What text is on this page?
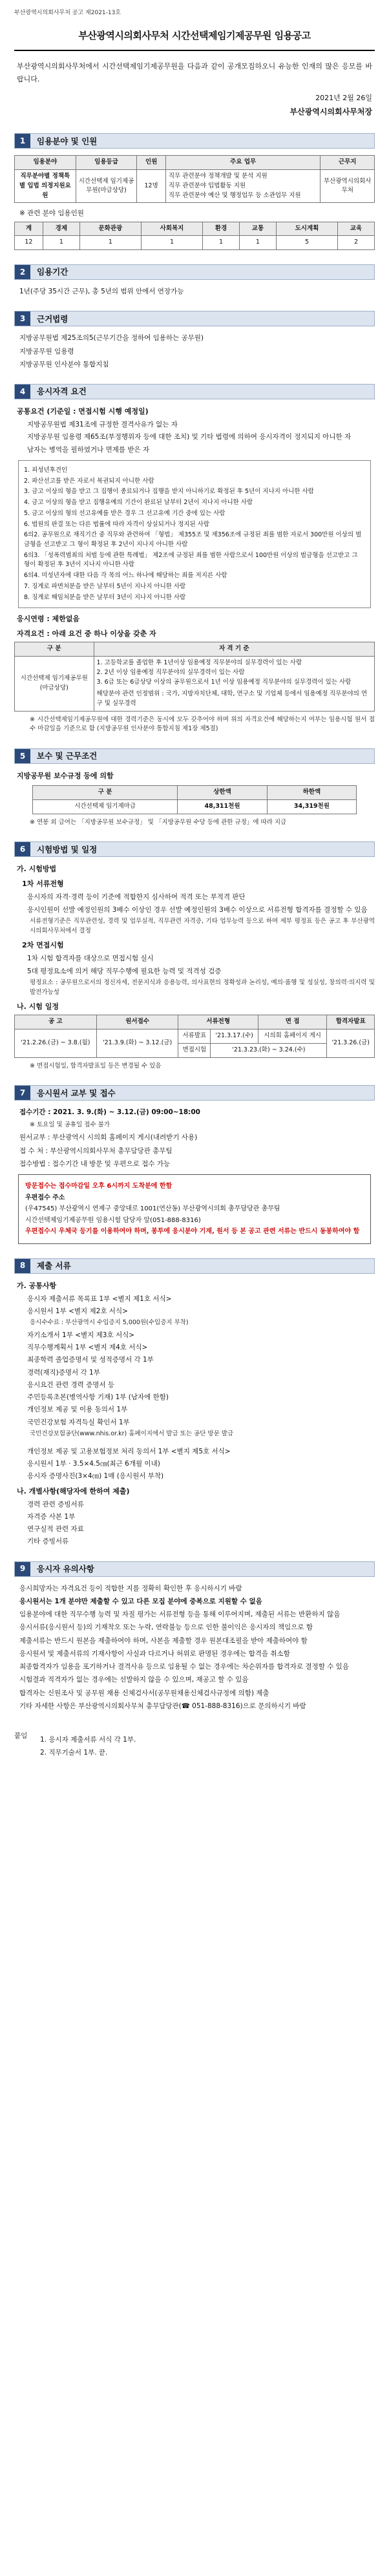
부산광역시의회사무처 공고 제2021-13호
부산광역시의회사무처 시간선택제임기제공무원 임용공고
부산광역시의회사무처에서 시간선택제임기제공무원을 다음과 같이 공개모집하오니 유능한 인재의 많은 응모를 바랍니다.
2021년 2월 26일
부산광역시의회사무처장
1	임용분야 및 인원
임용분야	임용등급	인원	주요 업무	근무지
직무분야별 정책특별 입법 의정지원요원	시간선택제 임기제공무원(마급상당)	12명	직무 관련분야 정책개발 및 분석 지원
직무 관련분야 입법활동 지원
직무 관련분야 예산 및 행정업무 등 소관업무 지원	부산광역시의회사무처
※ 관련 분야 임용인원
계	경제	문화관광	사회복지	환경	교통	도시계획	교육
12	1	1	1	1	1	5	2
2	임용기간
1년(주당 35시간 근무), 총 5년의 범위 안에서 연장가능
3	근거법령
지방공무원법 제25조의5(근무기간을 정하여 임용하는 공무원)
지방공무원 임용령
지방공무원 인사분야 통합지침
4	응시자격 요건
공통요건 (기준일 : 면접시험 시행 예정일)
지방공무원법 제31조에 규정한 결격사유가 없는 자
지방공무원 임용령 제65조(부정행위자 등에 대한 조치) 및 기타 법령에 의하여 응시자격이 정지되지 아니한 자
남자는 병역을 필하였거나 면제를 받은 자
1. 피성년후견인
2. 파산선고를 받은 자로서 복권되지 아니한 사람
3. 금고 이상의 형을 받고 그 집행이 종료되거나 집행을 받지 아니하기로 확정된 후 5년이 지나지 아니한 사람
4. 금고 이상의 형을 받고 집행유예의 기간이 완료된 날부터 2년이 지나지 아니한 사람
5. 금고 이상의 형의 선고유예를 받은 경우 그 선고유예 기간 중에 있는 사람
6. 법원의 판결 또는 다른 법률에 따라 자격이 상실되거나 정지된 사람
6의2. 공무원으로 재직기간 중 직무와 관련하여 「형법」 제355조 및 제356조에 규정된 죄를 범한 자로서 300만원 이상의 벌금형을 선고받고 그 형이 확정된 후 2년이 지나지 아니한 사람
6의3. 「성폭력범죄의 처벌 등에 관한 특례법」 제2조에 규정된 죄를 범한 사람으로서 100만원 이상의 벌금형을 선고받고 그 형이 확정된 후 3년이 지나지 아니한 사람
6의4. 미성년자에 대한 다음 각 목의 어느 하나에 해당하는 죄를 저지른 사람
7. 징계로 파면처분을 받은 날부터 5년이 지나지 아니한 사람
8. 징계로 해임처분을 받은 날부터 3년이 지나지 아니한 사람
응시연령 : 제한없음
자격요건 : 아래 요건 중 하나 이상을 갖춘 자
구 분	자 격 기 준
시간선택제 임기제공무원(마급상당)	1. 고등학교를 졸업한 후 1년이상 임용예정 직무분야의 실무경력이 있는 사람
2. 2년 이상 임용예정 직무분야의 실무경력이 있는 사람
3. 6급 또는 6급상당 이상의 공무원으로서 1년 이상 임용예정 직무분야의 실무경력이 있는 사람
해당분야 관련 인정범위 : 국가, 지방자치단체, 대학, 연구소 및 기업체 등에서 임용예정 직무분야의 연구 및 실무경력
※ 시간선택제임기제공무원에 대한 경력기준은 동시에 모두 갖추어야 하며 위의 자격요건에 해당하는지 여부는 임용시험 원서 접수 마감일을 기준으로 함 (지방공무원 인사분야 통합지침 제1장 제5절)
5	보수 및 근무조건
지방공무원 보수규정 등에 의함
구 분	상한액	하한액
시간선택제 임기제마급	48,311천원	34,319천원
※ 연봉 외 급여는 「지방공무원 보수규정」 및 「지방공무원 수당 등에 관한 규정」에 따라 지급
6	시험방법 및 일정
가. 시험방법
1차 서류전형
응시자의 자격·경력 등이 기준에 적합한지 심사하여 적격 또는 부적격 판단
응시인원이 선발 예정인원의 3배수 이상인 경우 선발 예정인원의 3배수 이상으로 서류전형 합격자를 결정할 수 있음
서류전형기준은 직무관련성, 경력 및 업무실적, 직무관련 자격증, 기타 업무능력 등으로 하며 세부 평정표 등은 공고 후 부산광역시의회사무처에서 결정
2차 면접시험
1차 시험 합격자를 대상으로 면접시험 실시
5대 평정요소에 의거 해당 직무수행에 필요한 능력 및 적격성 검증
평정요소 : 공무원으로서의 정신자세, 전문지식과 응용능력, 의사표현의 정확성과 논리성, 예의·품행 및 성실성, 창의력·의지력 및 발전가능성
나. 시험 일정
공 고	원서접수	서류전형		면 접	합격자발표
'21.2.26.(금) ~ 3.8.(월)	'21.3.9.(화) ~ 3.12.(금)	서류발표	'21.3.17.(수)	시의회 홈페이지 게시	'21.3.26.(금)
		면접시험	'21.3.23.(화) ~ 3.24.(수)		
※ 면접시험일, 합격자발표일 등은 변경될 수 있음
7	응시원서 교부 및 접수
접수기간 : 2021. 3. 9.(화) ~ 3.12.(금) 09:00~18:00
※ 토요일 및 공휴일 접수 불가
원서교부 : 부산광역시 시의회 홈페이지 게시(내려받기 사용)
접 수 처 : 부산광역시의회사무처 총무담당관 총무팀
접수방법 : 접수기간 내 방문 및 우편으로 접수 가능
방문접수는 접수마감일 오후 6시까지 도착분에 한함
우편접수 주소
(우47545) 부산광역시 연제구 중앙대로 1001(연산동) 부산광역시의회 총무담당관 총무팀
시간선택제임기제공무원 임용시험 담당자 앞(051-888-8316)
우편접수시 우체국 등기를 이용하여야 하며, 봉투에 응시분야 기재, 원서 등 본 공고 관련 서류는 반드시 동봉하여야 함
8	제출 서류
가. 공통사항
응시자 제출서류 목록표 1부 <별지 제1호 서식>
응시원서 1부 <별지 제2호 서식>
응시수수료 : 부산광역시 수입증지 5,000원(수입증지 부착)
자기소개서 1부 <별지 제3호 서식>
직무수행계획서 1부 <별지 제4호 서식>
최종학력 졸업증명서 및 성적증명서 각 1부
경력(재직)증명서 각 1부
응시요건 관련 경력 증명서 등
주민등록초본(병역사항 기재) 1부 (남자에 한함)
개인정보 제공 및 이용 동의서 1부
국민건강보험 자격득실 확인서 1부
국민건강보험공단(www.nhis.or.kr) 홈페이지에서 발급 또는 공단 방문 발급
개인정보 제공 및 고용보험정보 처리 동의서 1부 <별지 제5호 서식>
응시원서 1부 · 3.5×4.5㎝(최근 6개월 이내)
응시자 증명사진(3×4㎝) 1매 (응시원서 부착)
나. 개별사항(해당자에 한하여 제출)
경력 관련 증빙서류
자격증 사본 1부
연구실적 관련 자료
기타 증빙서류
9	응시자 유의사항
응시희망자는 자격요건 등이 적합한 지를 정확히 확인한 후 응시하시기 바람
응시원서는 1개 분야만 제출할 수 있고 다른 모집 분야에 중복으로 지원할 수 없음
임용분야에 대한 직무수행 능력 및 자질 평가는 서류전형 등을 통해 이루어지며, 제출된 서류는 반환하지 않음
응시서류(응시원서 등)의 기재착오 또는 누락, 연락불능 등으로 인한 불이익은 응시자의 책임으로 함
제출서류는 반드시 원본을 제출하여야 하며, 사본을 제출할 경우 원본대조필을 받아 제출하여야 함
응시원서 및 제출서류의 기재사항이 사실과 다르거나 허위로 판명된 경우에는 합격을 취소함
최종합격자가 임용을 포기하거나 결격사유 등으로 임용될 수 없는 경우에는 차순위자를 합격자로 결정할 수 있음
시험결과 적격자가 없는 경우에는 선발하지 않을 수 있으며, 재공고 할 수 있음
합격자는 신원조사 및 공무원 채용 신체검사서(공무원채용신체검사규정에 의함) 제출
기타 자세한 사항은 부산광역시의회사무처 총무담당관(☎ 051-888-8316)으로 문의하시기 바람
붙임	1. 응시자 제출서류 서식 각 1부.
2. 직무기술서 1부. 끝.
